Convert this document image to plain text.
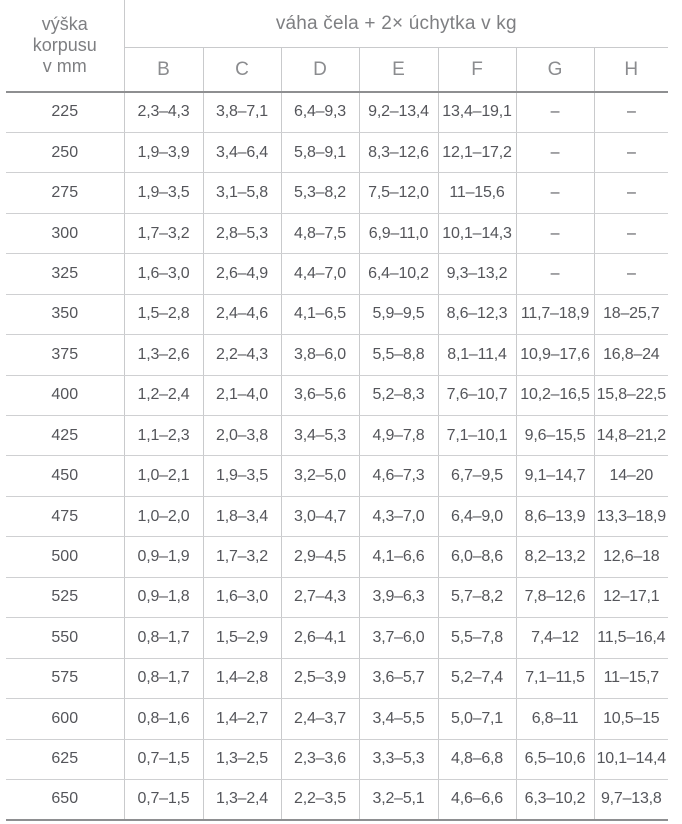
výška
korpusu
v mm	váha čela + 2× úchytka v kg						
	B	C	D	E	F	G	H
225	2,3–4,3	3,8–7,1	6,4–9,3	9,2–13,4	13,4–19,1	–	–
250	1,9–3,9	3,4–6,4	5,8–9,1	8,3–12,6	12,1–17,2	–	–
275	1,9–3,5	3,1–5,8	5,3–8,2	7,5–12,0	11–15,6	–	–
300	1,7–3,2	2,8–5,3	4,8–7,5	6,9–11,0	10,1–14,3	–	–
325	1,6–3,0	2,6–4,9	4,4–7,0	6,4–10,2	9,3–13,2	–	–
350	1,5–2,8	2,4–4,6	4,1–6,5	5,9–9,5	8,6–12,3	11,7–18,9	18–25,7
375	1,3–2,6	2,2–4,3	3,8–6,0	5,5–8,8	8,1–11,4	10,9–17,6	16,8–24
400	1,2–2,4	2,1–4,0	3,6–5,6	5,2–8,3	7,6–10,7	10,2–16,5	15,8–22,5
425	1,1–2,3	2,0–3,8	3,4–5,3	4,9–7,8	7,1–10,1	9,6–15,5	14,8–21,2
450	1,0–2,1	1,9–3,5	3,2–5,0	4,6–7,3	6,7–9,5	9,1–14,7	14–20
475	1,0–2,0	1,8–3,4	3,0–4,7	4,3–7,0	6,4–9,0	8,6–13,9	13,3–18,9
500	0,9–1,9	1,7–3,2	2,9–4,5	4,1–6,6	6,0–8,6	8,2–13,2	12,6–18
525	0,9–1,8	1,6–3,0	2,7–4,3	3,9–6,3	5,7–8,2	7,8–12,6	12–17,1
550	0,8–1,7	1,5–2,9	2,6–4,1	3,7–6,0	5,5–7,8	7,4–12	11,5–16,4
575	0,8–1,7	1,4–2,8	2,5–3,9	3,6–5,7	5,2–7,4	7,1–11,5	11–15,7
600	0,8–1,6	1,4–2,7	2,4–3,7	3,4–5,5	5,0–7,1	6,8–11	10,5–15
625	0,7–1,5	1,3–2,5	2,3–3,6	3,3–5,3	4,8–6,8	6,5–10,6	10,1–14,4
650	0,7–1,5	1,3–2,4	2,2–3,5	3,2–5,1	4,6–6,6	6,3–10,2	9,7–13,8
